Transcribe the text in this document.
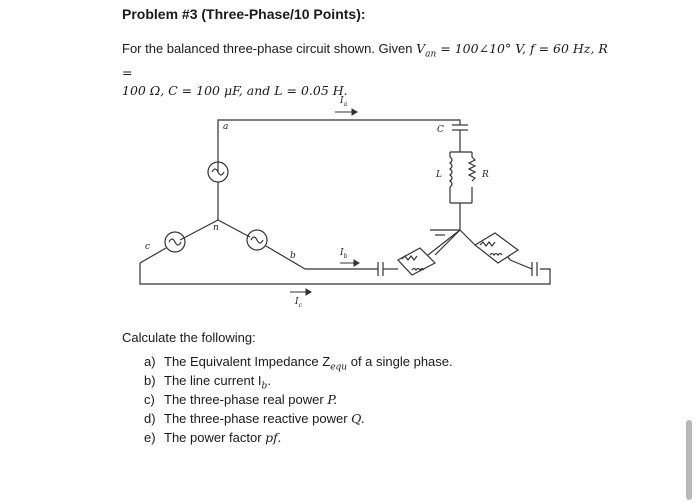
Problem #3 (Three-Phase/10 Points):
For the balanced three-phase circuit shown. Given $V_{an}$ = 100∠10° V, f = 60 Hz, R =
100 Ω, C = 100 μF, and L = 0.05 H.
a
n
c
b
C
L	R
$I_a$
$I_b$
$I_c$
Calculate the following:
a) The Equivalent Impedance $Z_{equ}$ of a single phase.
b) The line current $I_b$.
c) The three-phase real power P.
d) The three-phase reactive power Q.
e) The power factor pf.
